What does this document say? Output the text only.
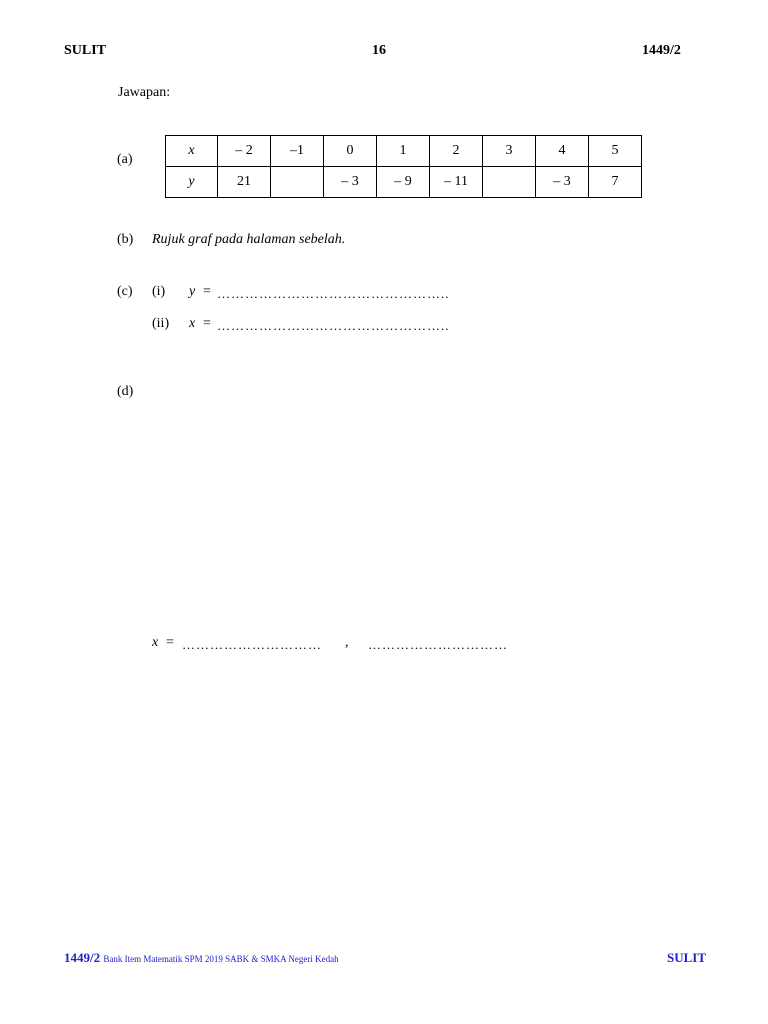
SULIT	16	1449/2
Jawapan:
(a)
x	– 2	–1	0	1	2	3	4	5
y	21		– 3	– 9	– 11		– 3	7
(b) Rujuk graf pada halaman sebelah.
(c) (i) y = …………………………………………..
(ii) x = …………………………………………..
(d)
x = ………………………… , …………………………
1449/2 Bank Item Matematik SPM 2019 SABK & SMKA Negeri Kedah	SULIT
